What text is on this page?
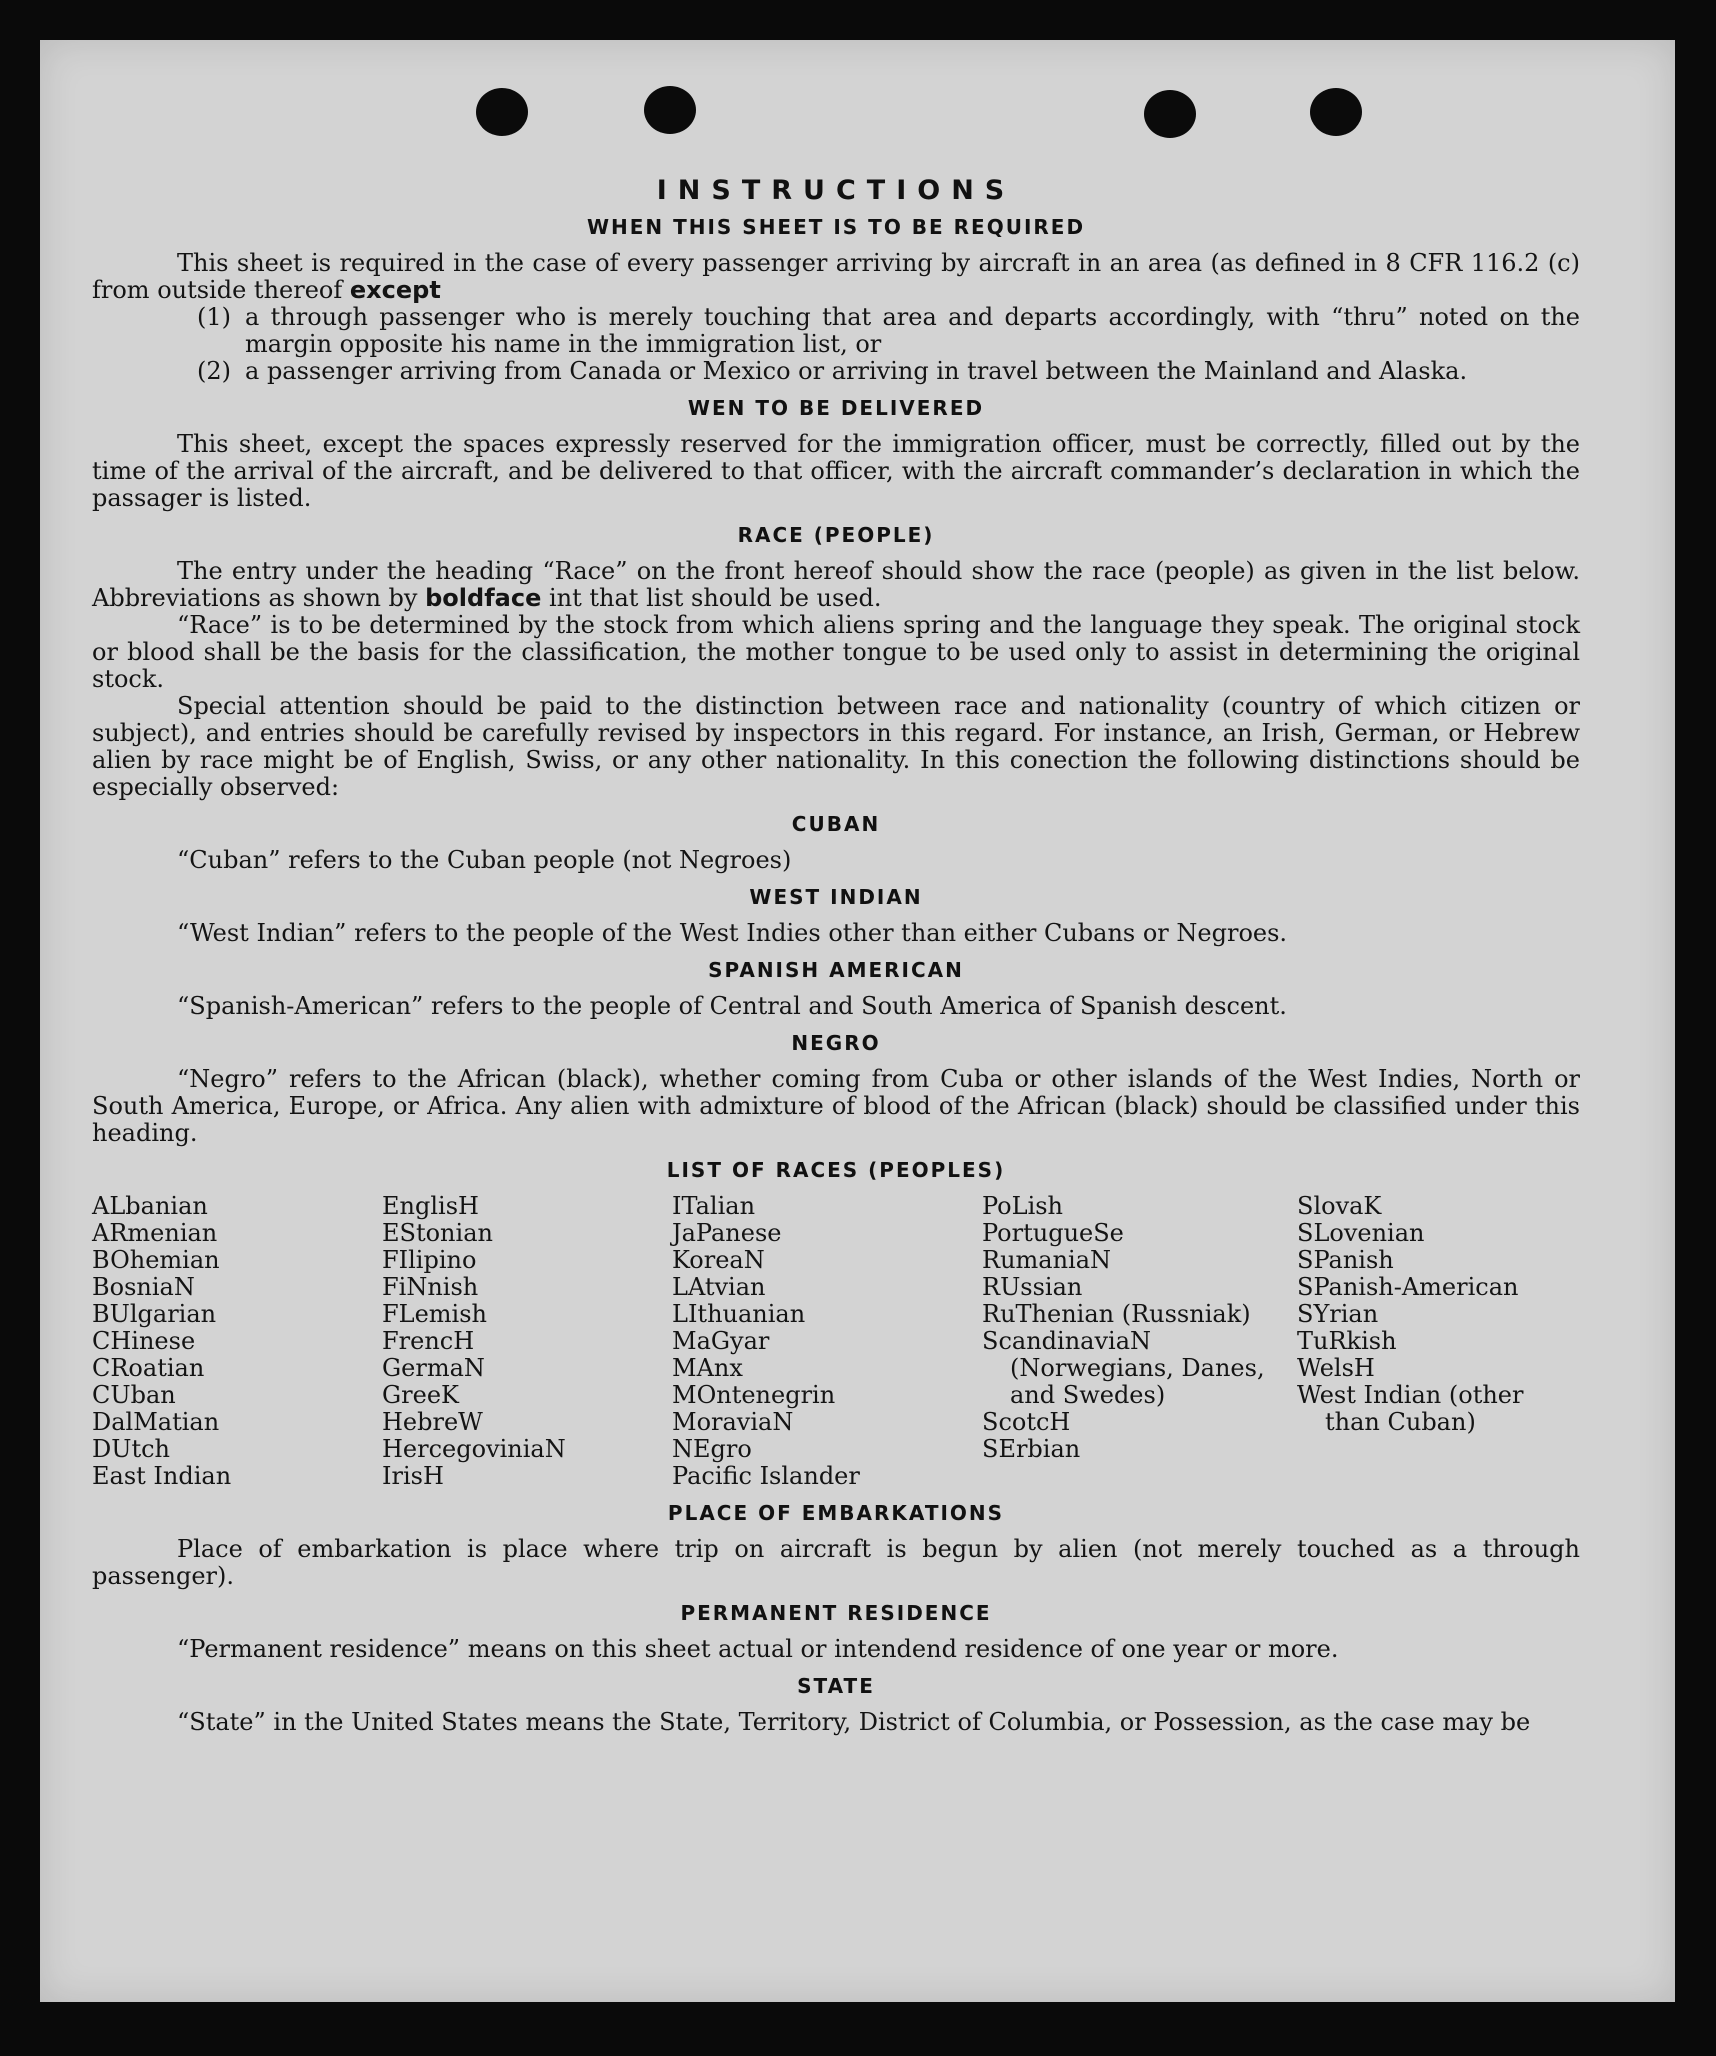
INSTRUCTIONS
WHEN THIS SHEET IS TO BE REQUIRED

This sheet is required in the case of every passenger arriving by aircraft in an area (as defined in 8 CFR 116.2 (c) from outside thereof except

(1) a through passenger who is merely touching that area and departs accordingly, with “thru” noted on the margin opposite his name in the immigration list, or
(2) a passenger arriving from Canada or Mexico or arriving in travel between the Mainland and Alaska.
WEN TO BE DELIVERED

This sheet, except the spaces expressly reserved for the immigration officer, must be correctly, filled out by the time of the arrival of the aircraft, and be delivered to that officer, with the aircraft commander’s declaration in which the passager is listed.

RACE (PEOPLE)

The entry under the heading “Race” on the front hereof should show the race (people) as given in the list below. Abbreviations as shown by boldface int that list should be used.

“Race” is to be determined by the stock from which aliens spring and the language they speak. The original stock or blood shall be the basis for the classification, the mother tongue to be used only to assist in determining the original stock.

Special attention should be paid to the distinction between race and nationality (country of which citizen or subject), and entries should be carefully revised by inspectors in this regard. For instance, an Irish, German, or Hebrew alien by race might be of English, Swiss, or any other nationality. In this conection the following distinctions should be especially observed:

CUBAN

“Cuban” refers to the Cuban people (not Negroes)

WEST INDIAN

“West Indian” refers to the people of the West Indies other than either Cubans or Negroes.

SPANISH AMERICAN

“Spanish-American” refers to the people of Central and South America of Spanish descent.

NEGRO

“Negro” refers to the African (black), whether coming from Cuba or other islands of the West Indies, North or South America, Europe, or Africa. Any alien with admixture of blood of the African (black) should be classified under this heading.

LIST OF RACES (PEOPLES)
ALbanian
ARmenian
BOhemian
BosniaN
BUlgarian
CHinese
CRoatian
CUban
DalMatian
DUtch
East Indian
EnglisH
EStonian
FIlipino
FiNnish
FLemish
FrencH
GermaN
GreeK
HebreW
HercegoviniaN
IrisH
ITalian
JaPanese
KoreaN
LAtvian
LIthuanian
MaGyar
MAnx
MOntenegrin
MoraviaN
NEgro
Pacific Islander
PoLish
PortugueSe
RumaniaN
RUssian
RuThenian (Russniak)
ScandinaviaN (Norwegians, Danes, and Swedes)
ScotcH
SErbian
SlovaK
SLovenian
SPanish
SPanish-American
SYrian
TuRkish
WelsH
West Indian (other than Cuban)
PLACE OF EMBARKATIONS

Place of embarkation is place where trip on aircraft is begun by alien (not merely touched as a through passenger).

PERMANENT RESIDENCE

“Permanent residence” means on this sheet actual or intendend residence of one year or more.

STATE

“State” in the United States means the State, Territory, District of Columbia, or Possession, as the case may be
